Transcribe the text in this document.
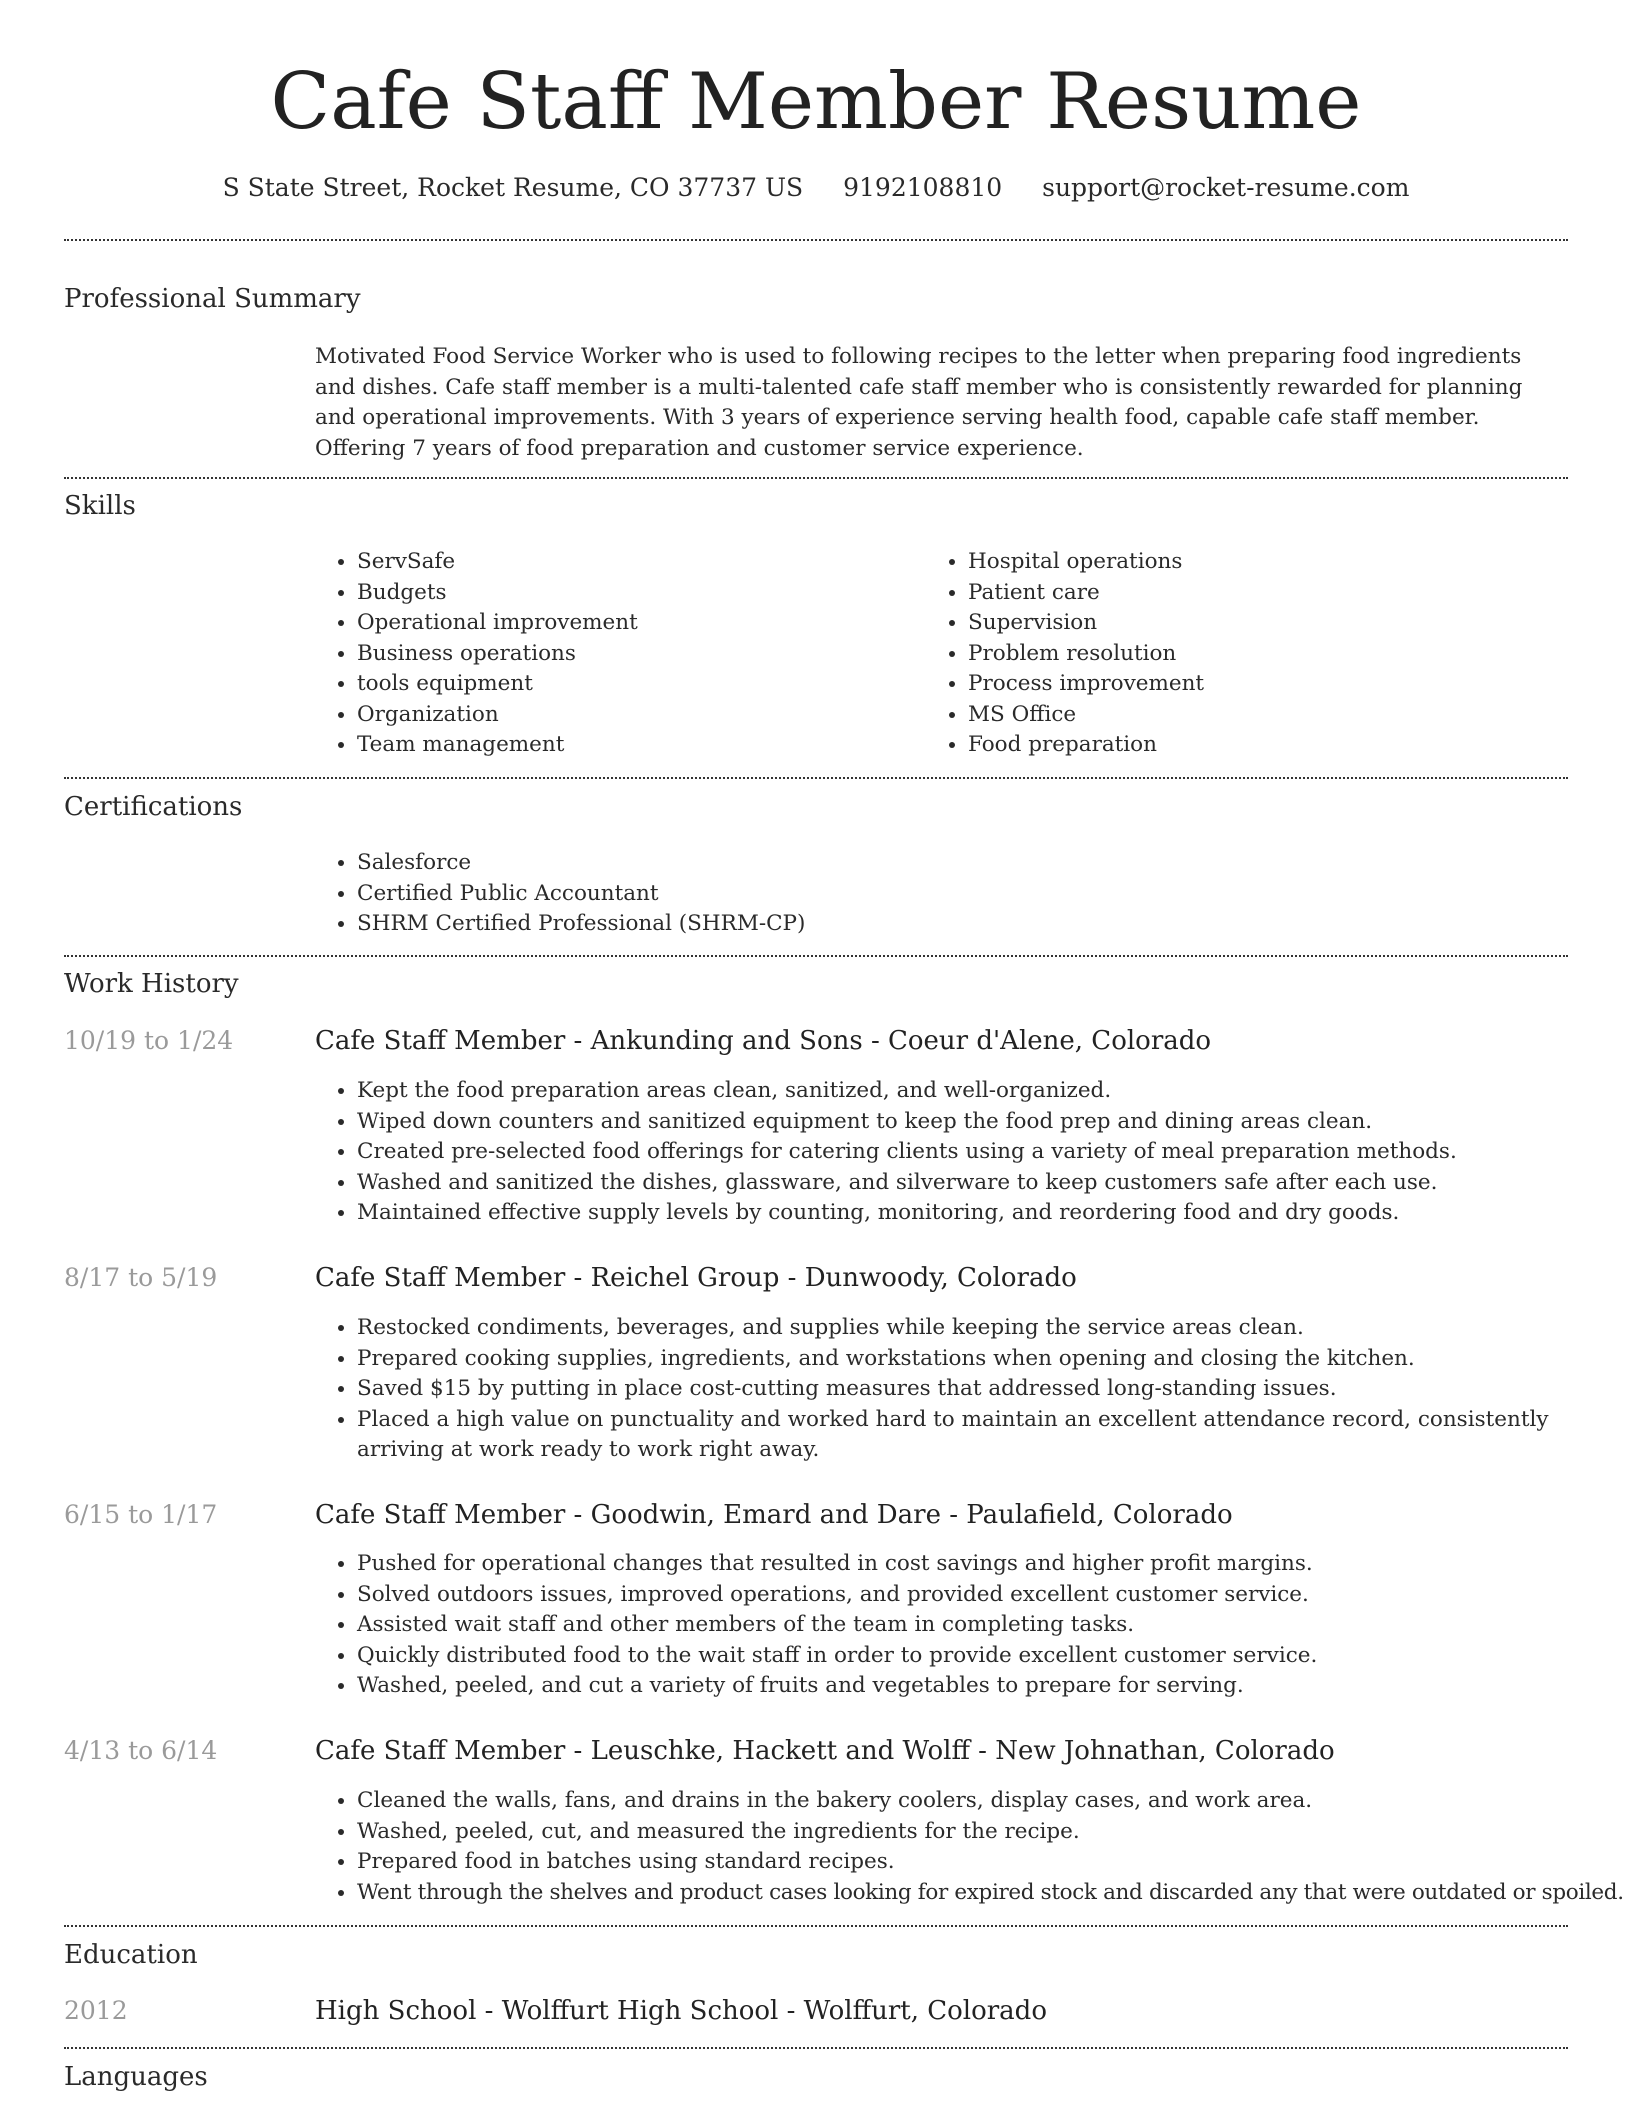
Cafe Staff Member Resume
S State Street, Rocket Resume, CO 37737 US 9192108810 support@rocket-resume.com
Professional Summary

Motivated Food Service Worker who is used to following recipes to the letter when preparing food ingredients and dishes. Cafe staff member is a multi-talented cafe staff member who is consistently rewarded for planning and operational improvements. With 3 years of experience serving health food, capable cafe staff member. Offering 7 years of food preparation and customer service experience.

Skills
• ServSafe
• Budgets
• Operational improvement
• Business operations
• tools equipment
• Organization
• Team management
• Hospital operations
• Patient care
• Supervision
• Problem resolution
• Process improvement
• MS Office
• Food preparation
Certifications
• Salesforce
• Certified Public Accountant
• SHRM Certified Professional (SHRM-CP)
Work History
10/19 to 1/24	Cafe Staff Member - Ankunding and Sons - Coeur d'Alene, Colorado
• Kept the food preparation areas clean, sanitized, and well-organized.
• Wiped down counters and sanitized equipment to keep the food prep and dining areas clean.
• Created pre-selected food offerings for catering clients using a variety of meal preparation methods.
• Washed and sanitized the dishes, glassware, and silverware to keep customers safe after each use.
• Maintained effective supply levels by counting, monitoring, and reordering food and dry goods.
8/17 to 5/19	Cafe Staff Member - Reichel Group - Dunwoody, Colorado
• Restocked condiments, beverages, and supplies while keeping the service areas clean.
• Prepared cooking supplies, ingredients, and workstations when opening and closing the kitchen.
• Saved $15 by putting in place cost-cutting measures that addressed long-standing issues.
• Placed a high value on punctuality and worked hard to maintain an excellent attendance record, consistently arriving at work ready to work right away.
6/15 to 1/17	Cafe Staff Member - Goodwin, Emard and Dare - Paulafield, Colorado
• Pushed for operational changes that resulted in cost savings and higher profit margins.
• Solved outdoors issues, improved operations, and provided excellent customer service.
• Assisted wait staff and other members of the team in completing tasks.
• Quickly distributed food to the wait staff in order to provide excellent customer service.
• Washed, peeled, and cut a variety of fruits and vegetables to prepare for serving.
4/13 to 6/14	Cafe Staff Member - Leuschke, Hackett and Wolff - New Johnathan, Colorado
• Cleaned the walls, fans, and drains in the bakery coolers, display cases, and work area.
• Washed, peeled, cut, and measured the ingredients for the recipe.
• Prepared food in batches using standard recipes.
• Went through the shelves and product cases looking for expired stock and discarded any that were outdated or spoiled.
Education
2012	High School - Wolffurt High School - Wolffurt, Colorado
Languages
